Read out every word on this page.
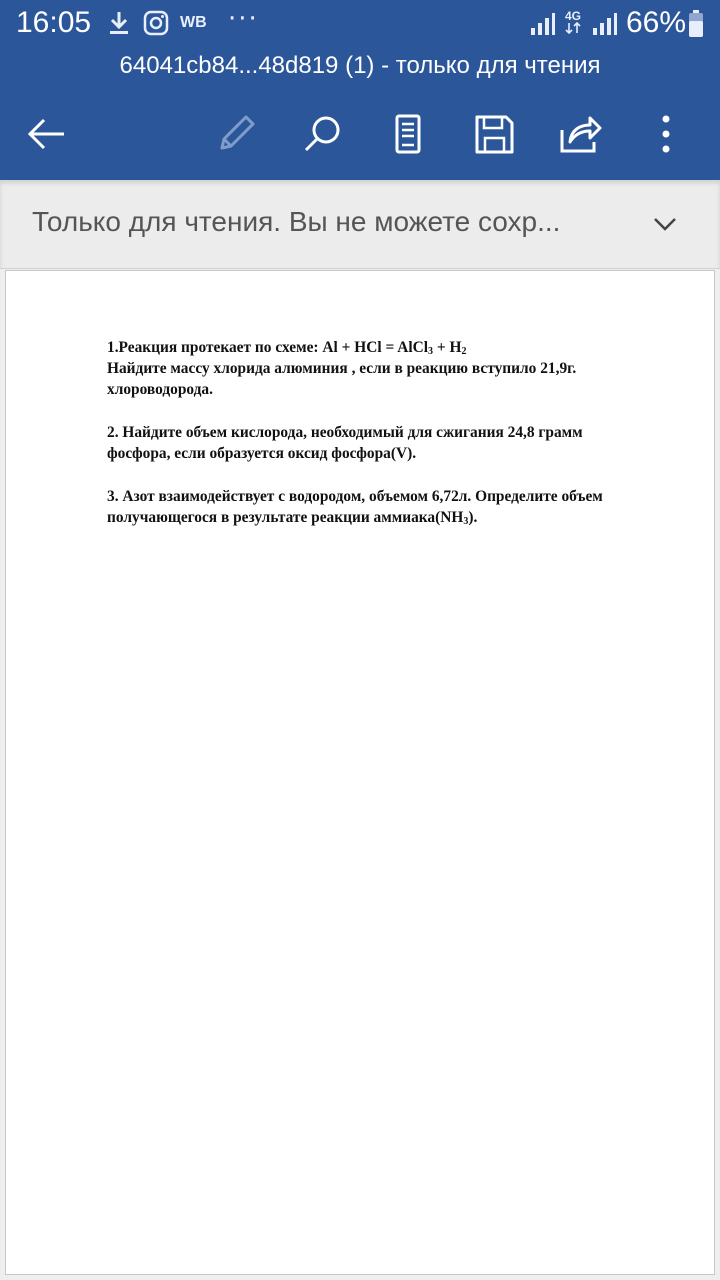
16:05	WB ···	4G 66%
64041cb84...48d819 (1) - только для чтения
Только для чтения. Вы не можете сохр...

1.Реакция протекает по схеме: Al + HCl = AlCl$_3$ + $H_2$
Найдите массу хлорида алюминия , если в реакцию вступило 21,9г.
хлороводорода.

2. Найдите объем кислорода, необходимый для сжигания 24,8 грамм
фосфора, если образуется оксид фосфора(V).

3. Азот взаимодействует с водородом, объемом 6,72л. Определите объем
получающегося в результате реакции $аммиака(NH_3)$.
